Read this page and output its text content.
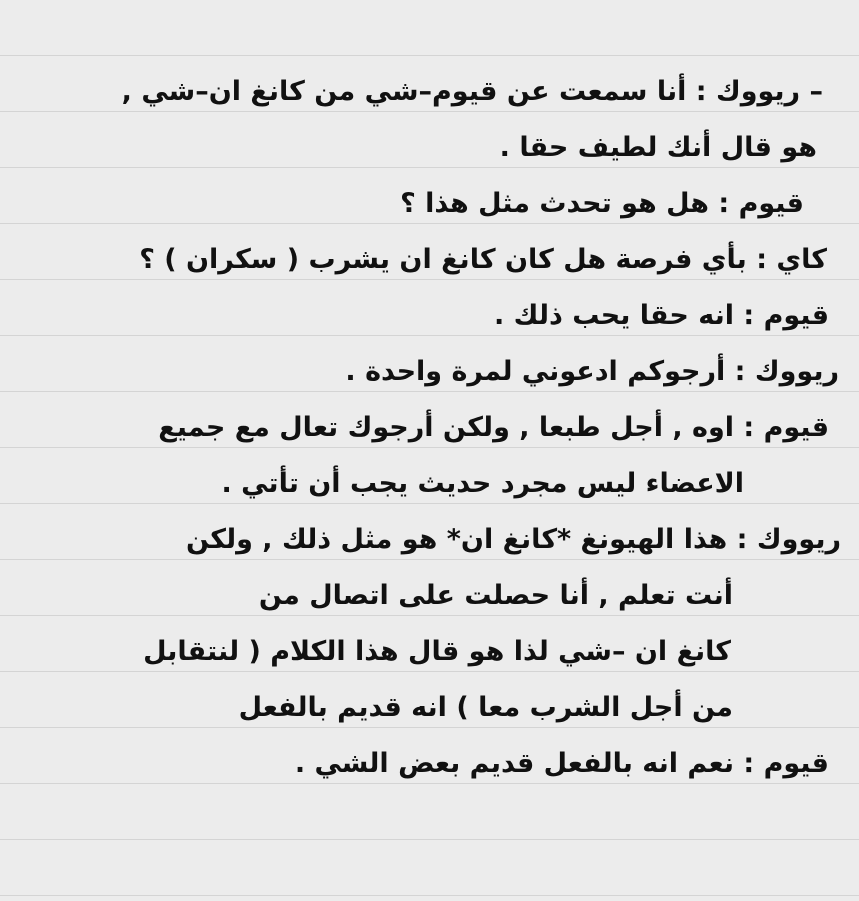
– ريووك : أنا سمعت عن قيوم–شي من كانغ ان–شي ,
هو قال أنك لطيف حقا .
قيوم : هل هو تحدث مثل هذا ؟
كاي : بأي فرصة هل كان كانغ ان يشرب ( سكران ) ؟
قيوم : انه حقا يحب ذلك .
ريووك : أرجوكم ادعوني لمرة واحدة .
قيوم : اوه , أجل طبعا , ولكن أرجوك تعال مع جميع
الاعضاء ليس مجرد حديث يجب أن تأتي .
ريووك : هذا الهيونغ *كانغ ان* هو مثل ذلك , ولكن
أنت تعلم , أنا حصلت على اتصال من
كانغ ان –شي لذا هو قال هذا الكلام ( لنتقابل
من أجل الشرب معا ) انه قديم بالفعل
قيوم : نعم انه بالفعل قديم بعض الشي .
